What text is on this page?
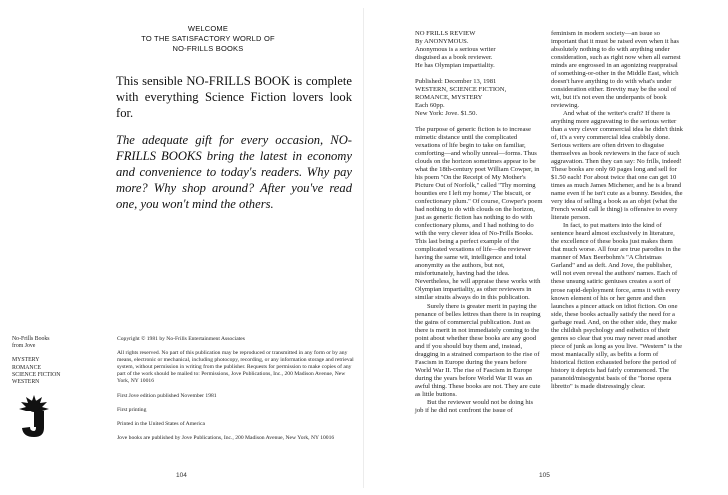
WELCOME
TO THE SATISFACTORY WORLD OF
NO-FRILLS BOOKS

This sensible NO-FRILLS BOOK is complete with everything Science Fiction lovers look for.

The adequate gift for every occasion, NO-FRILLS BOOKS bring the latest in economy and convenience to today's readers. Why pay more? Why shop around? After you've read one, you won't mind the others.

No-Frills Books
from Jove
MYSTERY
ROMANCE
SCIENCE FICTION
WESTERN

Copyright © 1981 by No-Frills Entertainment Associates

All rights reserved. No part of this publication may be reproduced or transmitted in any form or by any means, electronic or mechanical, including photocopy, recording, or any information storage and retrieval system, without permission in writing from the publisher. Requests for permission to make copies of any part of the work should be mailed to: Permissions, Jove Publications, Inc., 200 Madison Avenue, New York, NY 10016

First Jove edition published November 1981

First printing

Printed in the United States of America

Jove books are published by Jove Publications, Inc., 200 Madison Avenue, New York, NY 10016

104
NO FRILLS REVIEW
By ANONYMOUS.
Anonymous is a serious writer
disguised as a book reviewer.
He has Olympian impartiality.
Published: December 13, 1981
WESTERN, SCIENCE FICTION,
ROMANCE, MYSTERY
Each 60pp.
New York: Jove. $1.50.

The purpose of generic fiction is to increase mimetic distance until the complicated vexations of life begin to take on familiar, comforting—and wholly unreal—forms. Thus clouds on the horizon sometimes appear to be what the 18th-century poet William Cowper, in his poem "On the Receipt of My Mother's Picture Out of Norfolk," called "Thy morning bounties ere I left my home,/ The biscuit, or confectionary plum." Of course, Cowper's poem had nothing to do with clouds on the horizon, just as generic fiction has nothing to do with confectionary plums, and I had nothing to do with the very clever idea of No-Frills Books. This last being a perfect example of the complicated vexations of life—the reviewer having the same wit, intelligence and total anonymity as the authors, but not, misfortunately, having had the idea. Nevertheless, he will appraise these works with Olympian impartiality, as other reviewers in similar straits always do in this publication.

Surely there is greater merit in paying the penance of belles lettres than there is in reaping the gains of commercial publication. Just as there is merit in not immediately coming to the point about whether these books are any good and if you should buy them and, instead, dragging in a strained comparison to the rise of Fascism in Europe during the years before World War II. The rise of Fascism in Europe during the years before World War II was an awful thing. These books are not. They are cute as little buttons.

But the reviewer would not be doing his job if he did not confront the issue of

feminism in modern society—an issue so important that it must be raised even when it has absolutely nothing to do with anything under consideration, such as right now when all earnest minds are engrossed in an agonizing reappraisal of something-or-other in the Middle East, which doesn't have anything to do with what's under consideration either. Brevity may be the soul of wit, but it's not even the underpants of book reviewing.

And what of the writer's craft? If there is anything more aggravating to the serious writer than a very clever commercial idea he didn't think of, it's a very commercial idea crabbily done. Serious writers are often driven to disguise themselves as book reviewers in the face of such aggravation. Then they can say: No frills, indeed! These books are only 60 pages long and sell for $1.50 each! For about twice that one can get 10 times as much James Michener, and he is a brand name even if he isn't cute as a bunny. Besides, the very idea of selling a book as an objet (what the French would call le thing) is offensive to every literate person.

In fact, to put matters into the kind of sentence heard almost exclusively in literature, the excellence of these books just makes them that much worse. All four are true parodies in the manner of Max Beerbohm's "A Christmas Garland" and as deft. And Jove, the publisher, will not even reveal the authors' names. Each of these unsung satiric geniuses creates a sort of prose rapid-deployment force, arms it with every known element of his or her genre and then launches a pincer attack on idiot fiction. On one side, these books actually satisfy the need for a garbage read. And, on the other side, they make the childish psychology and esthetics of their genres so clear that you may never read another piece of junk as long as you live. "Western" is the most maniacally silly, as befits a form of historical fiction exhausted before the period of history it depicts had fairly commenced. The paranoid/misogynist basis of the "horse opera libretto" is made distressingly clear.

105
